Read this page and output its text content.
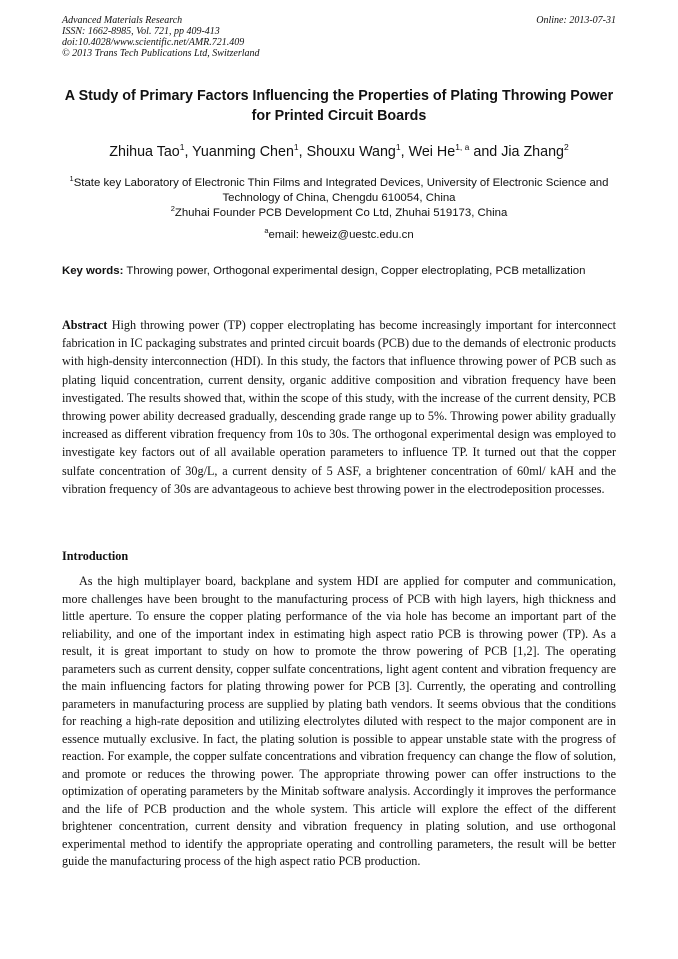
Advanced Materials Research
ISSN: 1662-8985, Vol. 721, pp 409-413
doi:10.4028/www.scientific.net/AMR.721.409
© 2013 Trans Tech Publications Ltd, Switzerland
Online: 2013-07-31
A Study of Primary Factors Influencing the Properties of Plating Throwing Power for Printed Circuit Boards
Zhihua Tao$^1$, Yuanming Chen$^1$, Shouxu Wang$^1$, Wei He$^{1, a}$ and Jia Zhang$^2$
$^1$State key Laboratory of Electronic Thin Films and Integrated Devices, University of Electronic Science and Technology of China, Chengdu 610054, China
$^2$Zhuhai Founder PCB Development Co Ltd, Zhuhai 519173, China
$^a$email: heweiz@uestc.edu.cn
Key words: Throwing power, Orthogonal experimental design, Copper electroplating, PCB metallization
Abstract High throwing power (TP) copper electroplating has become increasingly important for interconnect fabrication in IC packaging substrates and printed circuit boards (PCB) due to the demands of electronic products with high-density interconnection (HDI). In this study, the factors that influence throwing power of PCB such as plating liquid concentration, current density, organic additive composition and vibration frequency have been investigated. The results showed that, within the scope of this study, with the increase of the current density, PCB throwing power ability decreased gradually, descending grade range up to 5%. Throwing power ability gradually increased as different vibration frequency from 10s to 30s. The orthogonal experimental design was employed to investigate key factors out of all available operation parameters to influence TP. It turned out that the copper sulfate concentration of 30g/L, a current density of 5 ASF, a brightener concentration of 60ml/ kAH and the vibration frequency of 30s are advantageous to achieve best throwing power in the electrodeposition processes.
Introduction

As the high multiplayer board, backplane and system HDI are applied for computer and communication, more challenges have been brought to the manufacturing process of PCB with high layers, high thickness and little aperture. To ensure the copper plating performance of the via hole has become an important part of the reliability, and one of the important index in estimating high aspect ratio PCB is throwing power (TP). As a result, it is great important to study on how to promote the throw powering of PCB [1,2]. The operating parameters such as current density, copper sulfate concentrations, light agent content and vibration frequency are the main influencing factors for plating throwing power for PCB [3]. Currently, the operating and controlling parameters in manufacturing process are supplied by plating bath vendors. It seems obvious that the conditions for reaching a high-rate deposition and utilizing electrolytes diluted with respect to the major component are in essence mutually exclusive. In fact, the plating solution is possible to appear unstable state with the progress of reaction. For example, the copper sulfate concentrations and vibration frequency can change the flow of solution, and promote or reduces the throwing power. The appropriate throwing power can offer instructions to the optimization of operating parameters by the Minitab software analysis. Accordingly it improves the performance and the life of PCB production and the whole system. This article will explore the effect of the different brightener concentration, current density and vibration frequency in plating solution, and use orthogonal experimental method to identify the appropriate operating and controlling parameters, the result will be better guide the manufacturing process of the high aspect ratio PCB production.
